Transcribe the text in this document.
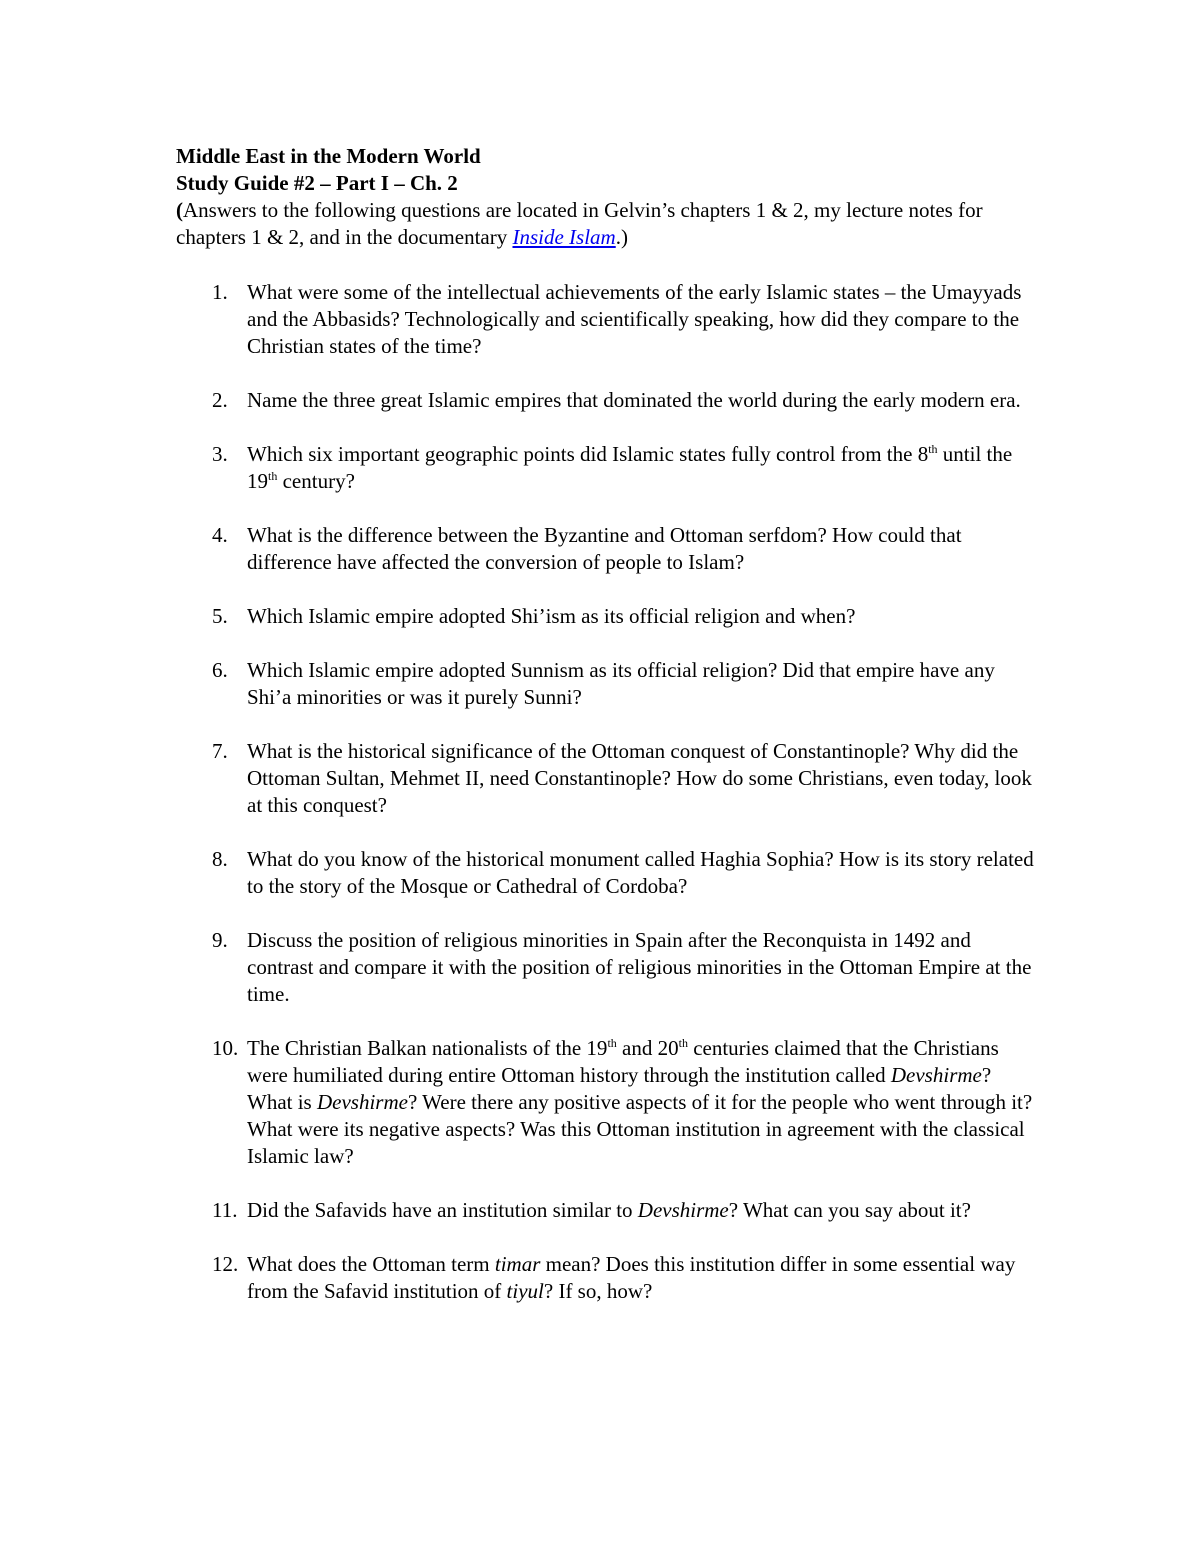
Middle East in the Modern World

Study Guide #2 – Part I – Ch. 2

(Answers to the following questions are located in Gelvin’s chapters 1 & 2, my lecture notes for chapters 1 & 2, and in the documentary Inside Islam.)

1. What were some of the intellectual achievements of the early Islamic states – the Umayyads and the Abbasids? Technologically and scientifically speaking, how did they compare to the Christian states of the time?
2. Name the three great Islamic empires that dominated the world during the early modern era.
3. Which six important geographic points did Islamic states fully control from the 8th until the 19th century?
4. What is the difference between the Byzantine and Ottoman serfdom? How could that difference have affected the conversion of people to Islam?
5. Which Islamic empire adopted Shi’ism as its official religion and when?
6. Which Islamic empire adopted Sunnism as its official religion? Did that empire have any Shi’a minorities or was it purely Sunni?
7. What is the historical significance of the Ottoman conquest of Constantinople? Why did the Ottoman Sultan, Mehmet II, need Constantinople? How do some Christians, even today, look at this conquest?
8. What do you know of the historical monument called Haghia Sophia? How is its story related to the story of the Mosque or Cathedral of Cordoba?
9. Discuss the position of religious minorities in Spain after the Reconquista in 1492 and contrast and compare it with the position of religious minorities in the Ottoman Empire at the time.
10. The Christian Balkan nationalists of the 19th and 20th centuries claimed that the Christians were humiliated during entire Ottoman history through the institution called Devshirme? What is Devshirme? Were there any positive aspects of it for the people who went through it? What were its negative aspects? Was this Ottoman institution in agreement with the classical Islamic law?
11. Did the Safavids have an institution similar to Devshirme? What can you say about it?
12. What does the Ottoman term timar mean? Does this institution differ in some essential way from the Safavid institution of tiyul? If so, how?
